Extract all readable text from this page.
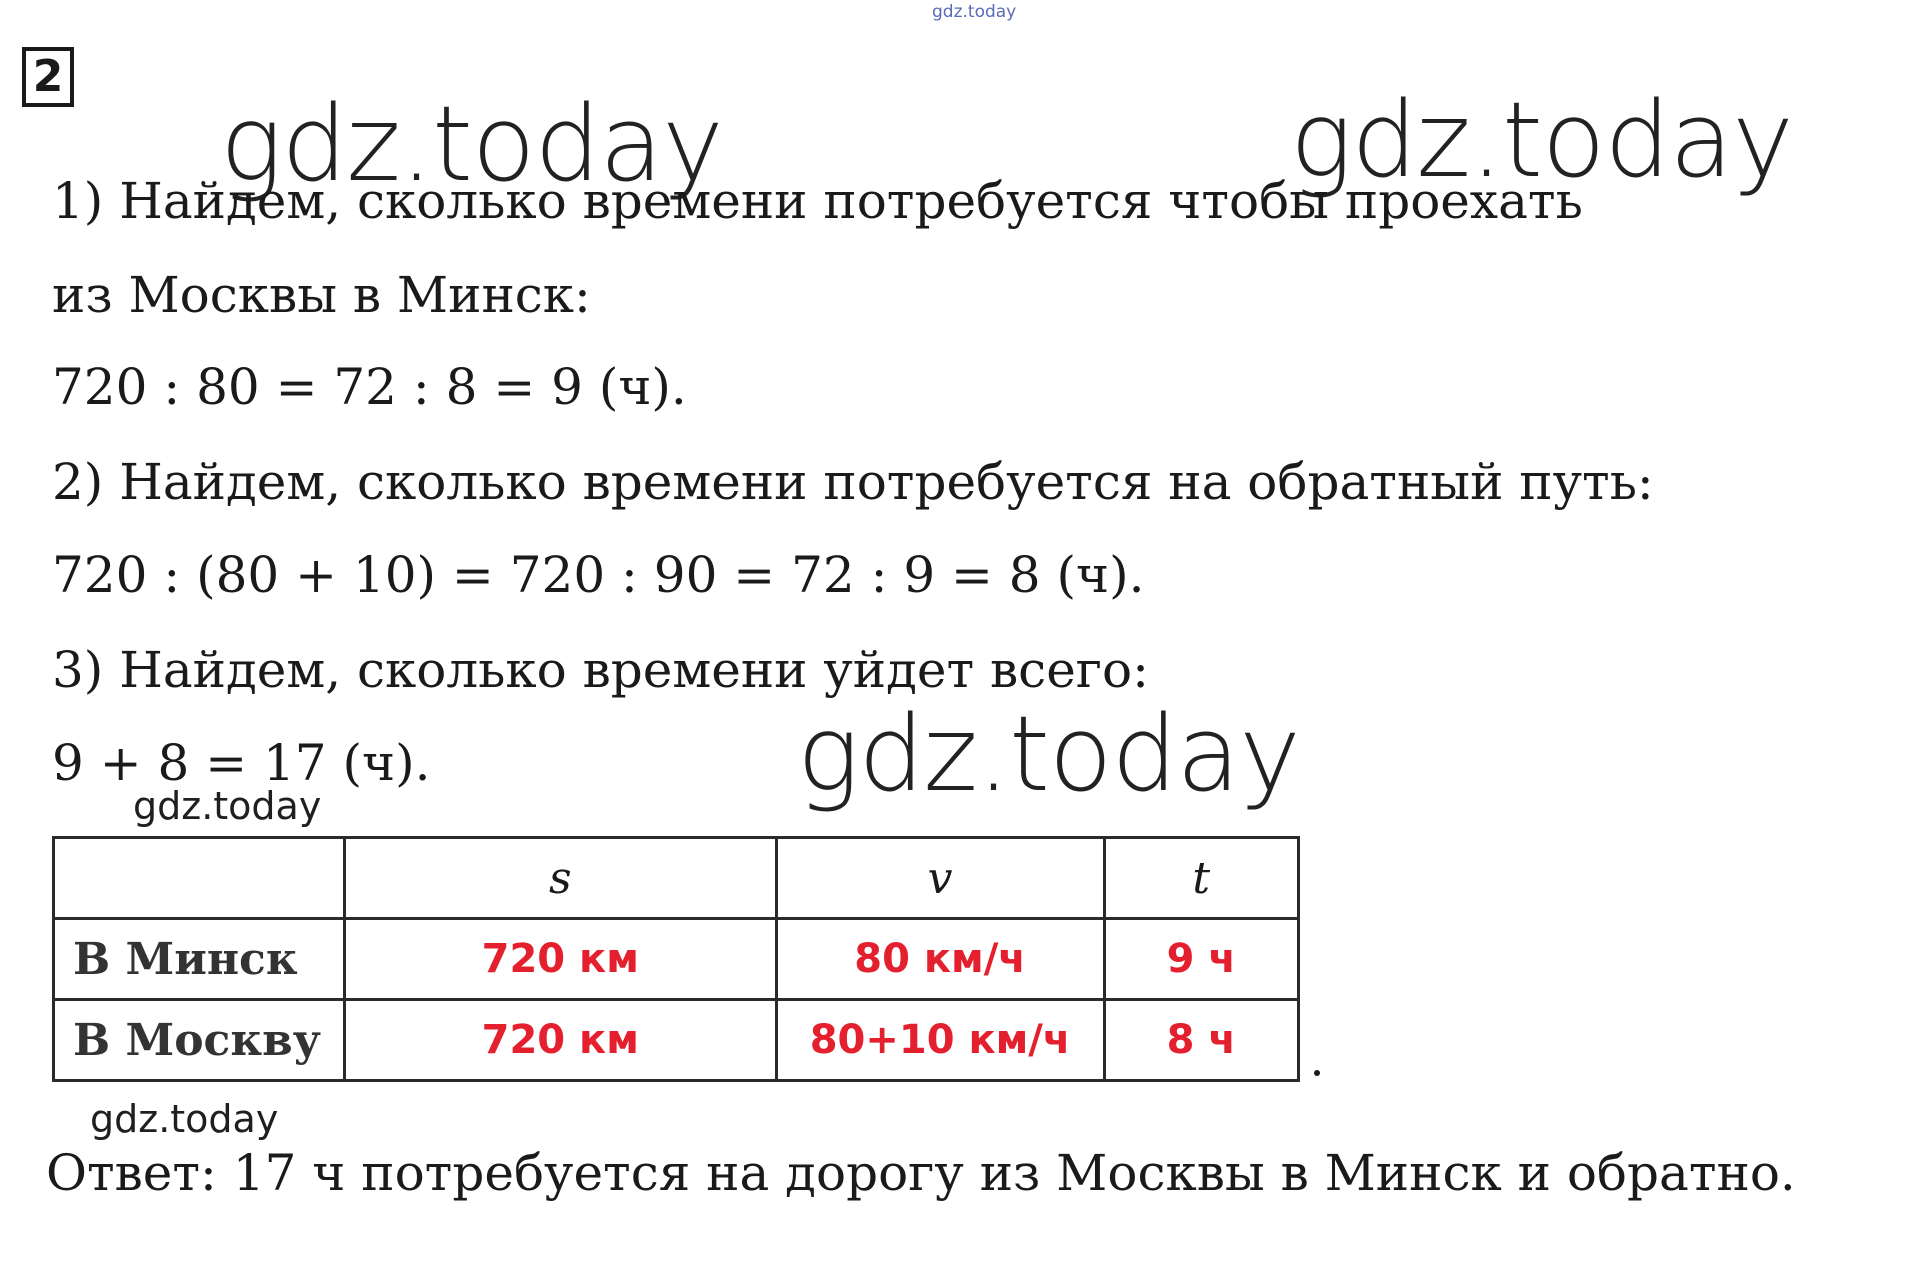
gdz.today
2
gdz.today	gdz.today
1) Найдем, сколько времени потребуется чтобы проехать
из Москвы в Минск:
720 : 80 = 72 : 8 = 9 (ч).
2) Найдем, сколько времени потребуется на обратный путь:
720 : (80 + 10) = 720 : 90 = 72 : 9 = 8 (ч).
3) Найдем, сколько времени уйдет всего:
9 + 8 = 17 (ч).	gdz.today
gdz.today
	s	v	t
В Минск	720 км	80 км/ч	9 ч
В Москву	720 км	80+10 км/ч	8 ч
gdz.today
Ответ: 17 ч потребуется на дорогу из Москвы в Минск и обратно.
